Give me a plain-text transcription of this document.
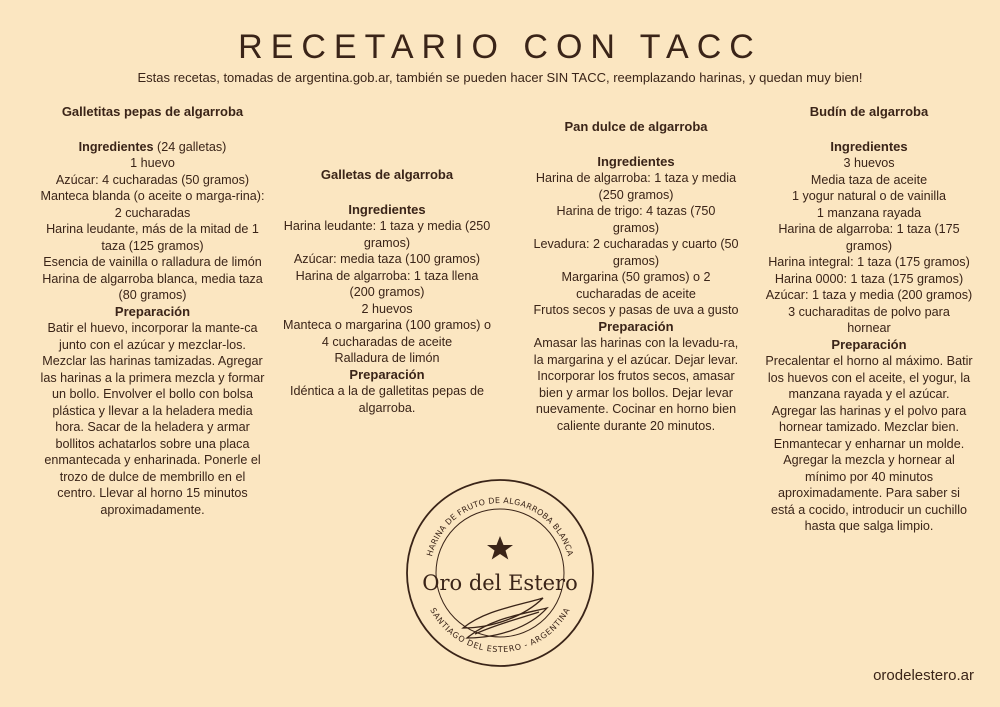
RECETARIO CON TACC
Estas recetas, tomadas de argentina.gob.ar, también se pueden hacer SIN TACC, reemplazando harinas, y quedan muy bien!
Galletitas pepas de algarroba

Ingredientes (24 galletas)

1 huevo

Azúcar: 4 cucharadas (50 gramos)

Manteca blanda (o aceite o marga-rina): 2 cucharadas

Harina leudante, más de la mitad de 1 taza (125 gramos)

Esencia de vainilla o ralladura de limón

Harina de algarroba blanca, media taza (80 gramos)

Preparación

Batir el huevo, incorporar la mante-ca junto con el azúcar y mezclar-los. Mezclar las harinas tamizadas. Agregar las harinas a la primera mezcla y formar un bollo. Envolver el bollo con bolsa plástica y llevar a la heladera media hora. Sacar de la heladera y armar bollitos achatarlos sobre una placa enmantecada y enharinada. Ponerle el trozo de dulce de membrillo en el centro. Llevar al horno 15 minutos aproximadamente.

Galletas de algarroba
Ingredientes

Harina leudante: 1 taza y media (250 gramos)

Azúcar: media taza (100 gramos)

Harina de algarroba: 1 taza llena (200 gramos)

2 huevos

Manteca o margarina (100 gramos) o 4 cucharadas de aceite

Ralladura de limón

Preparación

Idéntica a la de galletitas pepas de algarroba.

Pan dulce de algarroba
Ingredientes

Harina de algarroba: 1 taza y media (250 gramos)

Harina de trigo: 4 tazas (750 gramos)

Levadura: 2 cucharadas y cuarto (50 gramos)

Margarina (50 gramos) o 2 cucharadas de aceite

Frutos secos y pasas de uva a gusto

Preparación

Amasar las harinas con la levadu-ra, la margarina y el azúcar. Dejar levar. Incorporar los frutos secos, amasar bien y armar los bollos. Dejar levar nuevamente. Cocinar en horno bien caliente durante 20 minutos.

Budín de algarroba
Ingredientes

3 huevos

Media taza de aceite

1 yogur natural o de vainilla

1 manzana rayada

Harina de algarroba: 1 taza (175 gramos)

Harina integral: 1 taza (175 gramos)

Harina 0000: 1 taza (175 gramos)

Azúcar: 1 taza y media (200 gramos)

3 cucharaditas de polvo para hornear

Preparación

Precalentar el horno al máximo. Batir los huevos con el aceite, el yogur, la manzana rayada y el azúcar. Agregar las harinas y el polvo para hornear tamizado. Mezclar bien. Enmantecar y enharnar un molde. Agregar la mezcla y hornear al mínimo por 40 minutos aproximadamente. Para saber si está a cocido, introducir un cuchillo hasta que salga limpio.

HARINA DE FRUTO DE ALGARROBA BLANCA
SANTIAGO DEL ESTERO - ARGENTINA
Oro del Estero
orodelestero.ar
